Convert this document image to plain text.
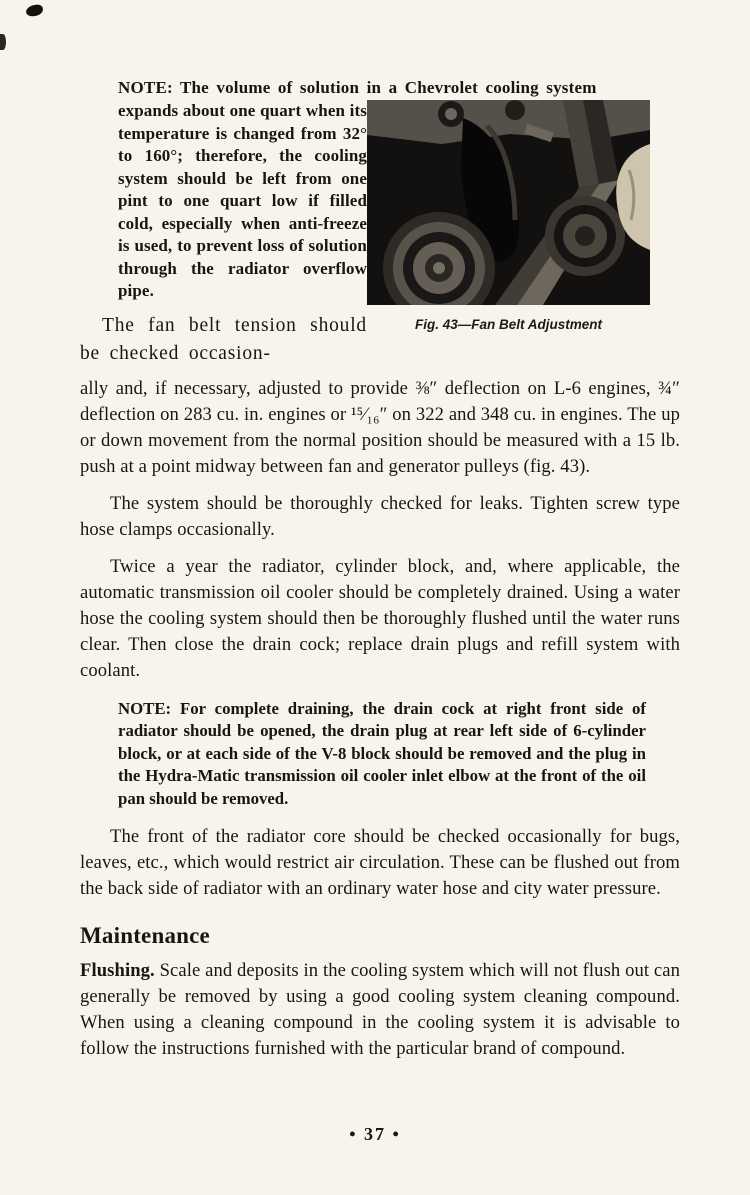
NOTE: The volume of solution in a Chevrolet cooling system

expands about one quart when its temperature is changed from 32° to 160°; therefore, the cooling system should be left from one pint to one quart low if filled cold, especially when anti-freeze is used, to prevent loss of solution through the radiator overflow pipe.

The fan belt tension should be checked occasion-

Fig. 43—Fan Belt Adjustment

ally and, if necessary, adjusted to provide ⅜″ deflection on L-6 engines, ¾″ deflection on 283 cu. in. engines or ¹⁵⁄₁₆″ on 322 and 348 cu. in engines. The up or down movement from the normal position should be measured with a 15 lb. push at a point midway between fan and generator pulleys (fig. 43).

The system should be thoroughly checked for leaks. Tighten screw type hose clamps occasionally.

Twice a year the radiator, cylinder block, and, where applicable, the automatic transmission oil cooler should be completely drained. Using a water hose the cooling system should then be thoroughly flushed until the water runs clear. Then close the drain cock; replace drain plugs and refill system with coolant.

NOTE: For complete draining, the drain cock at right front side of radiator should be opened, the drain plug at rear left side of 6-cylinder block, or at each side of the V-8 block should be removed and the plug in the Hydra-Matic transmission oil cooler inlet elbow at the front of the oil pan should be removed.

The front of the radiator core should be checked occasionally for bugs, leaves, etc., which would restrict air circulation. These can be flushed out from the back side of radiator with an ordinary water hose and city water pressure.

Maintenance

Flushing. Scale and deposits in the cooling system which will not flush out can generally be removed by using a good cooling system cleaning compound. When using a cleaning compound in the cooling system it is advisable to follow the instructions furnished with the particular brand of compound.

• 37 •
